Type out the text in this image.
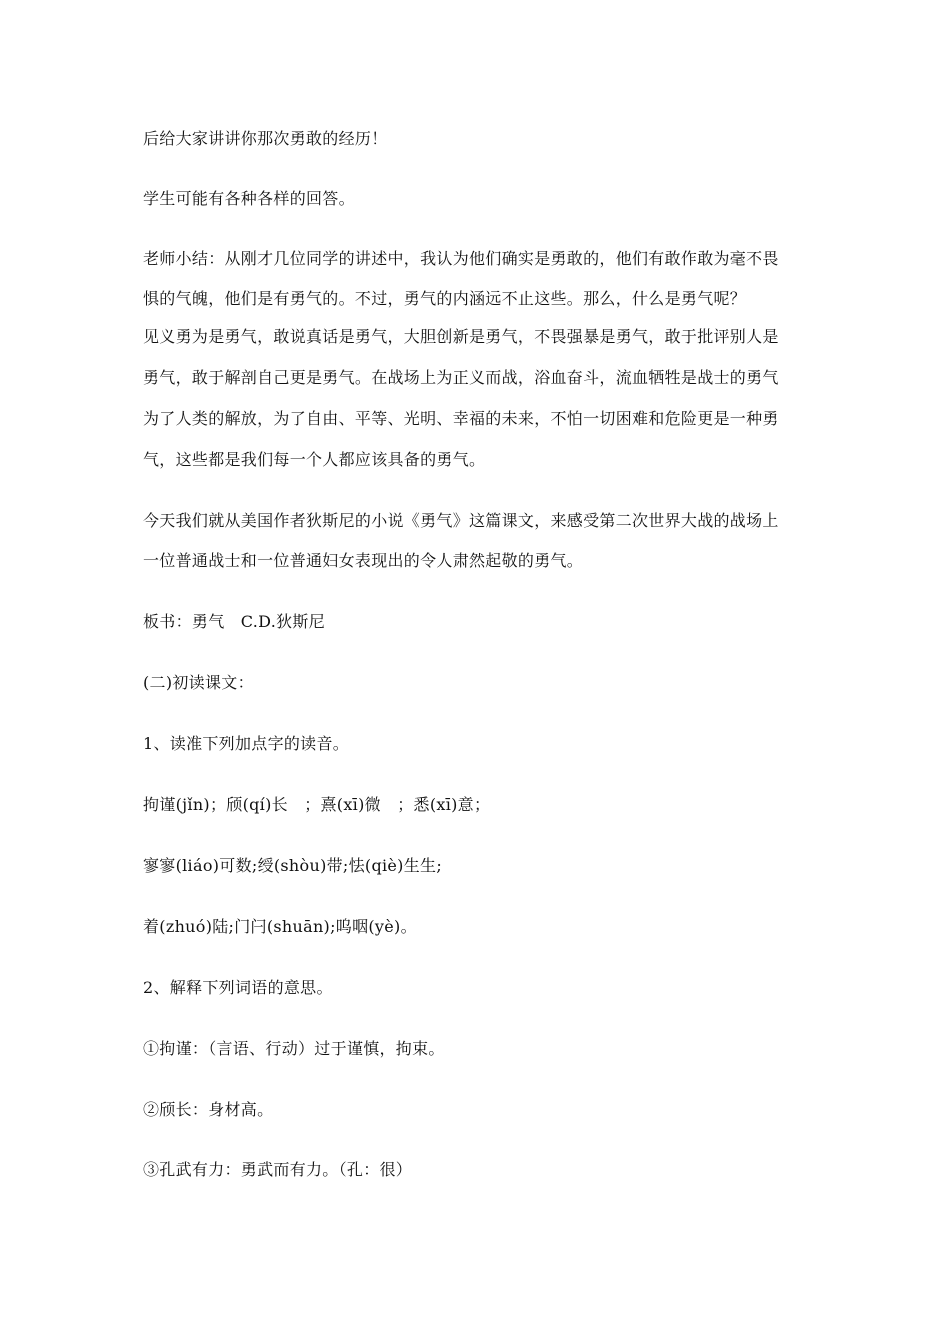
后给大家讲讲你那次勇敢的经历！
学生可能有各种各样的回答。
老师小结：从刚才几位同学的讲述中，我认为他们确实是勇敢的，他们有敢作敢为毫不畏
惧的气魄，他们是有勇气的。不过，勇气的内涵远不止这些。那么，什么是勇气呢？
见义勇为是勇气，敢说真话是勇气，大胆创新是勇气，不畏强暴是勇气，敢于批评别人是
勇气，敢于解剖自己更是勇气。在战场上为正义而战，浴血奋斗，流血牺牲是战士的勇气
为了人类的解放，为了自由、平等、光明、幸福的未来，不怕一切困难和危险更是一种勇
气，这些都是我们每一个人都应该具备的勇气。
今天我们就从美国作者狄斯尼的小说《勇气》这篇课文，来感受第二次世界大战的战场上
一位普通战士和一位普通妇女表现出的令人肃然起敬的勇气。
板书：勇气　C.D.狄斯尼
(二)初读课文：
1、读准下列加点字的读音。
拘谨(jǐn)；颀(qí)长　；熹(xī)微　；悉(xī)意；
寥寥(liáo)可数;绶(shòu)带;怯(qiè)生生;
着(zhuó)陆;门闩(shuān);呜咽(yè)。
2、解释下列词语的意思。
①拘谨：（言语、行动）过于谨慎，拘束。
②颀长：身材高。
③孔武有力：勇武而有力。（孔：很）
